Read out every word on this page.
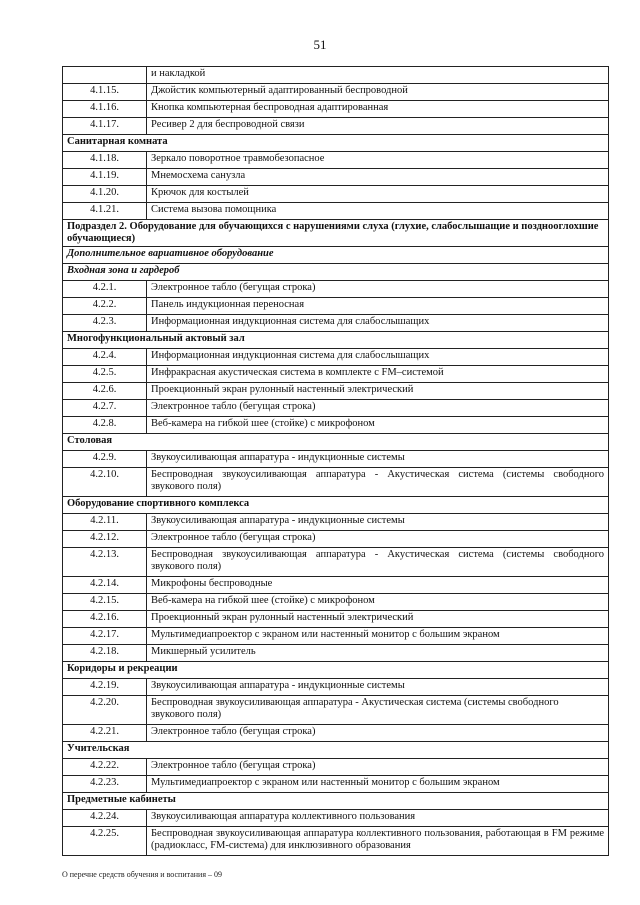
51
	и накладкой
4.1.15.	Джойстик компьютерный адаптированный беспроводной
4.1.16.	Кнопка компьютерная беспроводная адаптированная
4.1.17.	Ресивер 2 для беспроводной связи
Санитарная комната	
4.1.18.	Зеркало поворотное травмобезопасное
4.1.19.	Мнемосхема санузла
4.1.20.	Крючок для костылей
4.1.21.	Система вызова помощника
Подраздел 2. Оборудование для обучающихся с нарушениями слуха (глухие, слабослышащие и позднооглохшие обучающиеся)	
Дополнительное вариативное оборудование	
Входная зона и гардероб	
4.2.1.	Электронное табло (бегущая строка)
4.2.2.	Панель индукционная переносная
4.2.3.	Информационная индукционная система для слабослышащих
Многофункциональный актовый зал	
4.2.4.	Информационная индукционная система для слабослышащих
4.2.5.	Инфракрасная акустическая система в комплекте с FM–системой
4.2.6.	Проекционный экран рулонный настенный электрический
4.2.7.	Электронное табло (бегущая строка)
4.2.8.	Веб-камера на гибкой шее (стойке) с микрофоном
Столовая	
4.2.9.	Звукоусиливающая аппаратура - индукционные системы
4.2.10.	Беспроводная звукоусиливающая аппаратура - Акустическая система (системы свободного звукового поля)
Оборудование спортивного комплекса	
4.2.11.	Звукоусиливающая аппаратура - индукционные системы
4.2.12.	Электронное табло (бегущая строка)
4.2.13.	Беспроводная звукоусиливающая аппаратура - Акустическая система (системы свободного звукового поля)
4.2.14.	Микрофоны беспроводные
4.2.15.	Веб-камера на гибкой шее (стойке) с микрофоном
4.2.16.	Проекционный экран рулонный настенный электрический
4.2.17.	Мультимедиапроектор с экраном или настенный монитор с большим экраном
4.2.18.	Микшерный усилитель
Коридоры и рекреации	
4.2.19.	Звукоусиливающая аппаратура - индукционные системы
4.2.20.	Беспроводная звукоусиливающая аппаратура - Акустическая система (системы свободного звукового поля)
4.2.21.	Электронное табло (бегущая строка)
Учительская	
4.2.22.	Электронное табло (бегущая строка)
4.2.23.	Мультимедиапроектор с экраном или настенный монитор с большим экраном
Предметные кабинеты	
4.2.24.	Звукоусиливающая аппаратура коллективного пользования
4.2.25.	Беспроводная звукоусиливающая аппаратура коллективного пользования, работающая в FM режиме (радиокласс, FM-система) для инклюзивного образования
О перечне средств обучения и воспитания – 09
